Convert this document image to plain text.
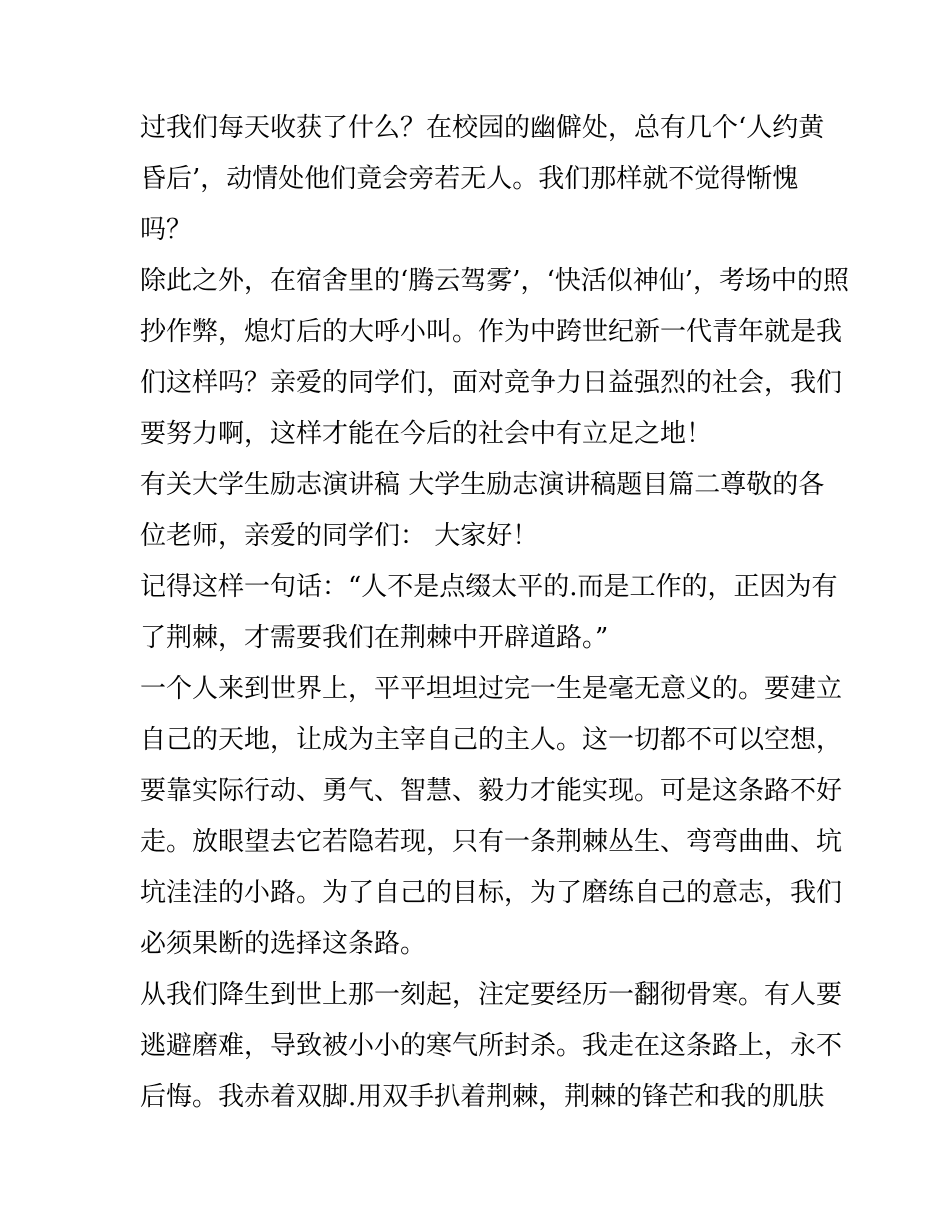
过我们每天收获了什么？在校园的幽僻处，总有几个‘人约黄
昏后’，动情处他们竟会旁若无人。我们那样就不觉得惭愧
吗？
除此之外，在宿舍里的‘腾云驾雾’，‘快活似神仙’，考场中的照
抄作弊，熄灯后的大呼小叫。作为中跨世纪新一代青年就是我
们这样吗？亲爱的同学们，面对竞争力日益强烈的社会，我们
要努力啊，这样才能在今后的社会中有立足之地！
有关大学生励志演讲稿 大学生励志演讲稿题目篇二尊敬的各
位老师，亲爱的同学们： 大家好！
记得这样一句话：“人不是点缀太平的.而是工作的，正因为有
了荆棘，才需要我们在荆棘中开辟道路。”
一个人来到世界上，平平坦坦过完一生是毫无意义的。要建立
自己的天地，让成为主宰自己的主人。这一切都不可以空想，
要靠实际行动、勇气、智慧、毅力才能实现。可是这条路不好
走。放眼望去它若隐若现，只有一条荆棘丛生、弯弯曲曲、坑
坑洼洼的小路。为了自己的目标，为了磨练自己的意志，我们
必须果断的选择这条路。
从我们降生到世上那一刻起，注定要经历一翻彻骨寒。有人要
逃避磨难，导致被小小的寒气所封杀。我走在这条路上，永不
后悔。我赤着双脚.用双手扒着荆棘，荆棘的锋芒和我的肌肤
